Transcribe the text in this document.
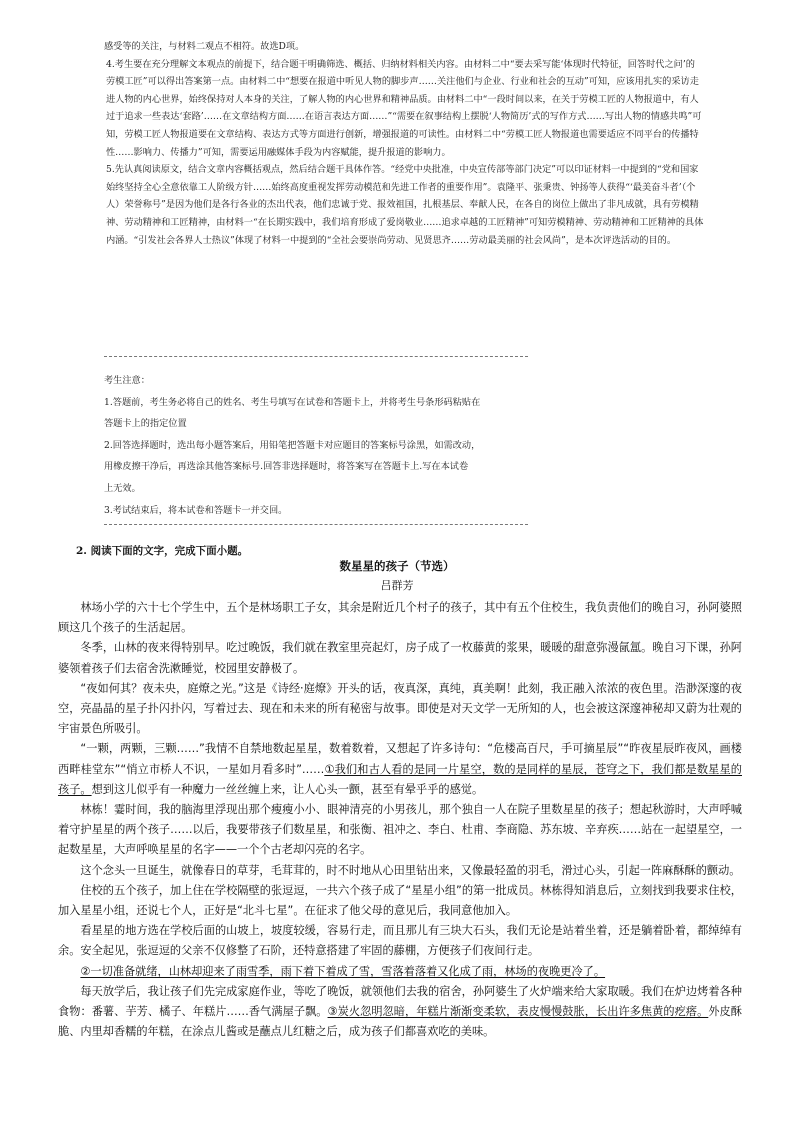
感受等的关注，与材料二观点不相符。故选D项。

4.考生要在充分理解文本观点的前提下，结合题干明确筛选、概括、归纳材料相关内容。由材料二中“要去采写能‘体现时代特征，回答时代之问’的劳模工匠”可以得出答案第一点。由材料二中“想要在报道中听见人物的脚步声……关注他们与企业、行业和社会的互动”可知，应该用扎实的采访走进人物的内心世界，始终保持对人本身的关注，了解人物的内心世界和精神品质。由材料二中“一段时间以来，在关于劳模工匠的人物报道中，有人过于追求一些表达‘套路’……在文章结构方面……在语言表达方面……”“需要在叙事结构上摆脱‘人物简历’式的写作方式……写出人物的情感共鸣”可知，劳模工匠人物报道要在文章结构、表达方式等方面进行创新，增强报道的可读性。由材料二中“劳模工匠人物报道也需要适应不同平台的传播特性……影响力、传播力”可知，需要运用融媒体手段为内容赋能，提升报道的影响力。

5.先认真阅读原文，结合文章内容概括观点，然后结合题干具体作答。“经党中央批准，中央宣传部等部门决定”可以印证材料一中提到的“党和国家始终坚持全心全意依靠工人阶级方针……始终高度重视发挥劳动模范和先进工作者的重要作用”。袁隆平、张秉贵、钟扬等人获得“‘最美奋斗者’（个人）荣誉称号”是因为他们是各行各业的杰出代表，他们忠诚于党、报效祖国，扎根基层、奉献人民，在各自的岗位上做出了非凡成就，具有劳模精神、劳动精神和工匠精神，由材料一“在长期实践中，我们培育形成了爱岗敬业……追求卓越的工匠精神”可知劳模精神、劳动精神和工匠精神的具体内涵。“引发社会各界人士热议”体现了材料一中提到的“全社会要崇尚劳动、见贤思齐……劳动最美丽的社会风尚”，是本次评选活动的目的。

考生注意：

1.答题前，考生务必将自己的姓名、考生号填写在试卷和答题卡上，并将考生号条形码粘贴在

答题卡上的指定位置

2.回答选择题时，选出每小题答案后，用铅笔把答题卡对应题目的答案标号涂黑，如需改动，

用橡皮擦干净后，再选涂其他答案标号.回答非选择题时，将答案写在答题卡上.写在本试卷

上无效。

3.考试结束后，将本试卷和答题卡一并交回。

2. 阅读下面的文字，完成下面小题。
数星星的孩子（节选）
吕群芳

林场小学的六十七个学生中，五个是林场职工子女，其余是附近几个村子的孩子，其中有五个住校生，我负责他们的晚自习，孙阿婆照顾这几个孩子的生活起居。

冬季，山林的夜来得特别早。吃过晚饭，我们就在教室里亮起灯，房子成了一枚藤黄的浆果，暖暖的甜意弥漫氤氲。晚自习下课，孙阿婆领着孩子们去宿舍洗漱睡觉，校园里安静极了。

“夜如何其？夜未央，庭燎之光。”这是《诗经·庭燎》开头的话，夜真深，真纯，真美啊！此刻，我正融入浓浓的夜色里。浩渺深邃的夜空，亮晶晶的星子扑闪扑闪，写着过去、现在和未来的所有秘密与故事。即使是对天文学一无所知的人，也会被这深邃神秘却又蔚为壮观的宇宙景色所吸引。

“一颗，两颗，三颗……”我情不自禁地数起星星，数着数着，又想起了许多诗句：“危楼高百尺，手可摘星辰”“昨夜星辰昨夜风，画楼西畔桂堂东”“悄立市桥人不识，一星如月看多时”……①我们和古人看的是同一片星空，数的是同样的星辰，苍穹之下，我们都是数星星的孩子。想到这儿似乎有一种魔力一丝丝缠上来，让人心头一颤，甚至有晕乎乎的感觉。

林栋！霎时间，我的脑海里浮现出那个瘦瘦小小、眼神清亮的小男孩儿，那个独自一人在院子里数星星的孩子；想起秋游时，大声呼喊着守护星星的两个孩子……以后，我要带孩子们数星星，和张衡、祖冲之、李白、杜甫、李商隐、苏东坡、辛弃疾……站在一起望星空，一起数星星，大声呼唤星星的名字——一个个古老却闪亮的名字。

这个念头一旦诞生，就像春日的草芽，毛茸茸的，时不时地从心田里钻出来，又像最轻盈的羽毛，滑过心头，引起一阵麻酥酥的颤动。

住校的五个孩子，加上住在学校隔壁的张逗逗，一共六个孩子成了“星星小组”的第一批成员。林栋得知消息后，立刻找到我要求住校，加入星星小组，还说七个人，正好是“北斗七星”。在征求了他父母的意见后，我同意他加入。

看星星的地方选在学校后面的山坡上，坡度较缓，容易行走，而且那儿有三块大石头，我们无论是站着坐着，还是躺着卧着，都绰绰有余。安全起见，张逗逗的父亲不仅修整了石阶，还特意搭建了牢固的藤棚，方便孩子们夜间行走。

②一切准备就绪，山林却迎来了雨雪季，雨下着下着成了雪，雪落着落着又化成了雨，林场的夜晚更冷了。

每天放学后，我让孩子们先完成家庭作业，等吃了晚饭，就领他们去我的宿舍，孙阿婆生了火炉端来给大家取暖。我们在炉边烤着各种食物：番薯、芋芳、橘子、年糕片……香气满屋子飘。③炭火忽明忽暗，年糕片渐渐变柔软，表皮慢慢鼓胀，长出许多焦黄的疙瘩。外皮酥脆、内里却香糯的年糕，在涂点儿酱或是蘸点儿红糖之后，成为孩子们都喜欢吃的美味。
